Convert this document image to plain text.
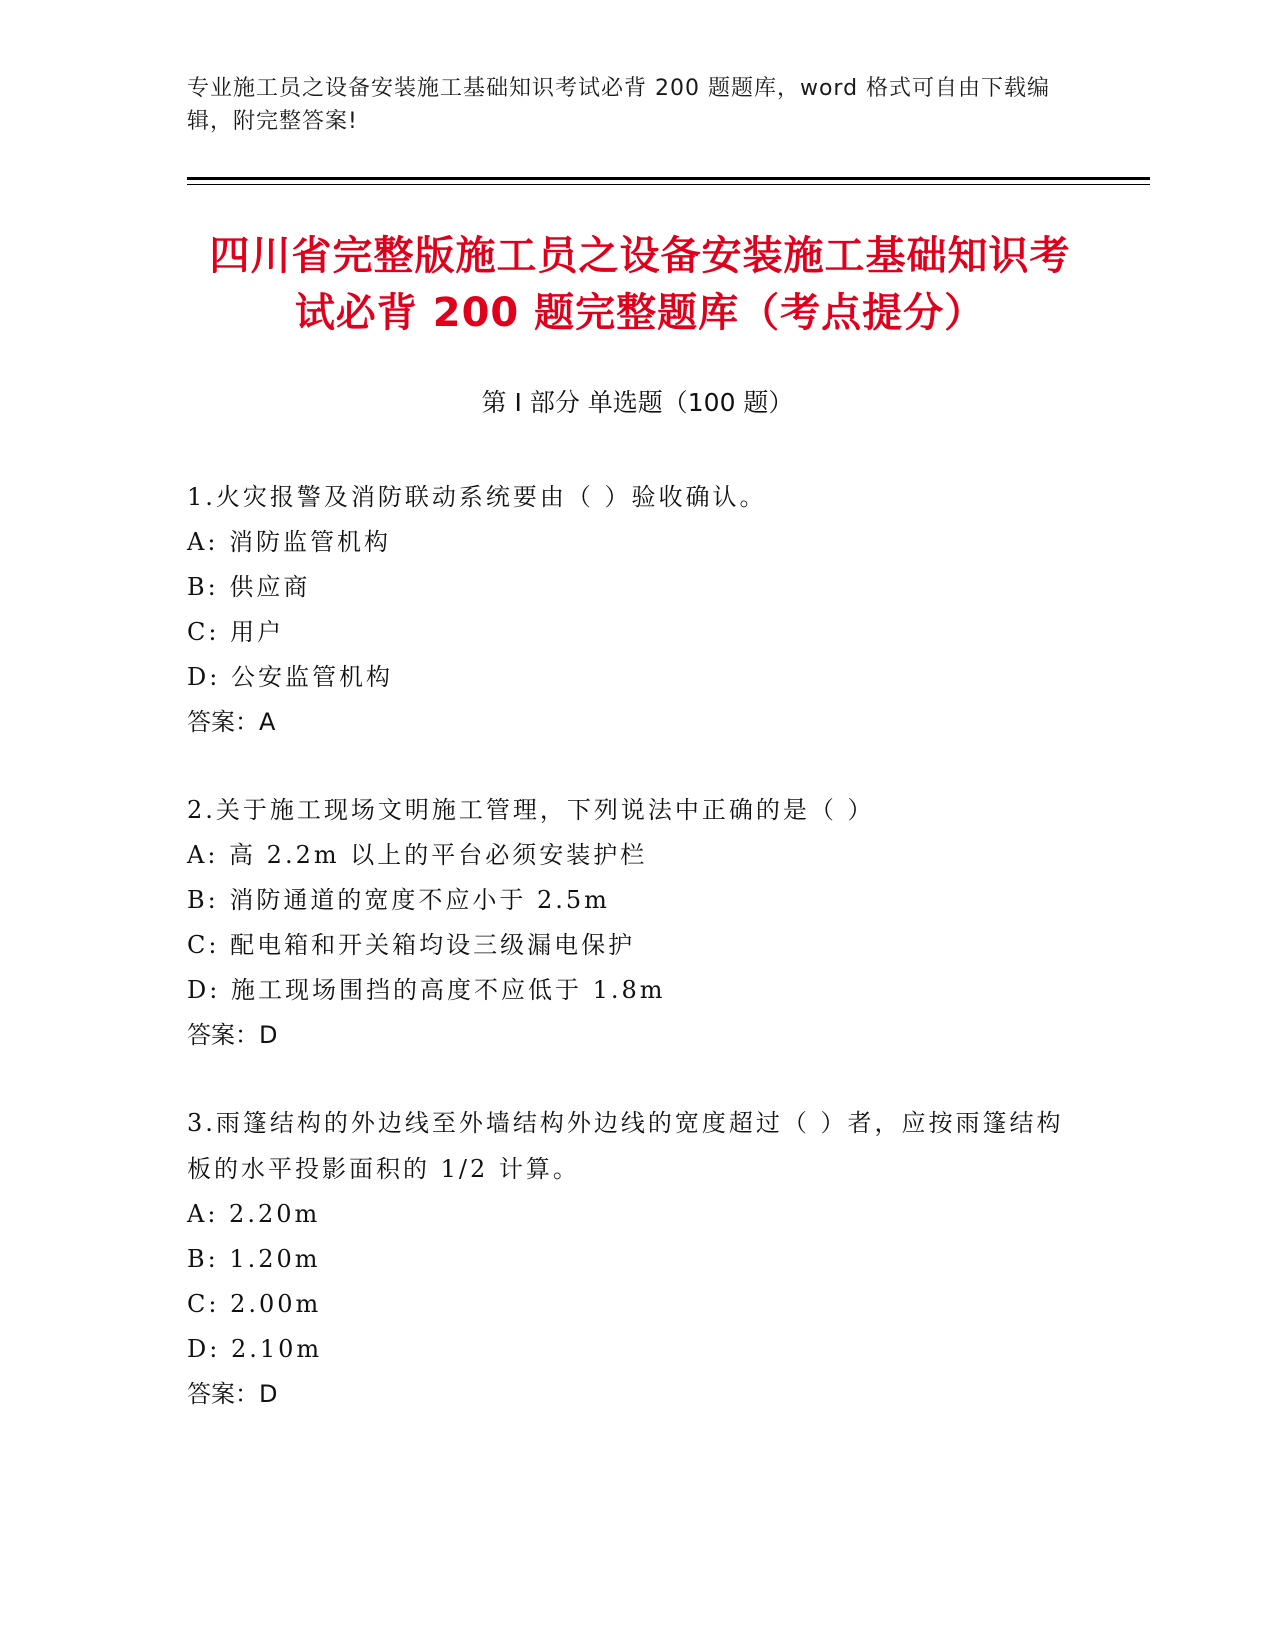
专业施工员之设备安装施工基础知识考试必背 200 题题库，word 格式可自由下载编辑，附完整答案!
四川省完整版施工员之设备安装施工基础知识考试必背 200 题完整题库（考点提分）
第 I 部分 单选题（100 题）

1.火灾报警及消防联动系统要由（ ）验收确认。

A: 消防监管机构

B: 供应商

C: 用户

D: 公安监管机构

答案：A

2.关于施工现场文明施工管理，下列说法中正确的是（ ）

A: 高 2.2m 以上的平台必须安装护栏

B: 消防通道的宽度不应小于 2.5m

C: 配电箱和开关箱均设三级漏电保护

D: 施工现场围挡的高度不应低于 1.8m

答案：D

3.雨篷结构的外边线至外墙结构外边线的宽度超过（ ）者，应按雨篷结构板的水平投影面积的 1/2 计算。

A: 2.20m

B: 1.20m

C: 2.00m

D: 2.10m

答案：D
